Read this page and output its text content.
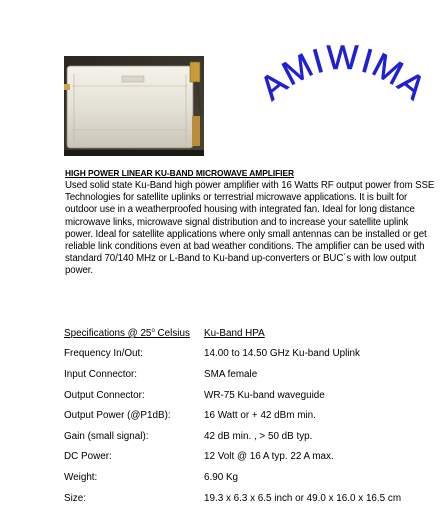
AMIWIMA
HIGH POWER LINEAR KU-BAND MICROWAVE AMPLIFIER
Used solid state Ku-Band high power amplifier with 16 Watts RF output power from SSE Technologies for satellite uplinks or terrestrial microwave applications. It is built for outdoor use in a weatherproofed housing with integrated fan. Ideal for long distance microwave links, microwave signal distribution and to increase your satellite uplink power. Ideal for satellite applications where only small antennas can be installed or get reliable link conditions even at bad weather conditions. The amplifier can be used with standard 70/140 MHz or L-Band to Ku-band up-converters or BUC´s with low output power.
Specifications @ 25$^o$ Celsius	Ku-Band HPA
Frequency In/Out:	14.00 to 14.50 GHz Ku-band Uplink
Input Connector:	SMA female
Output Connector:	WR-75 Ku-band waveguide
Output Power (@P1dB):	16 Watt or + 42 dBm min.
Gain (small signal):	42 dB min. , > 50 dB typ.
DC Power:	12 Volt @ 16 A typ. 22 A max.
Weight:	6.90 Kg
Size:	19.3 x 6.3 x 6.5 inch or 49.0 x 16.0 x 16.5 cm
